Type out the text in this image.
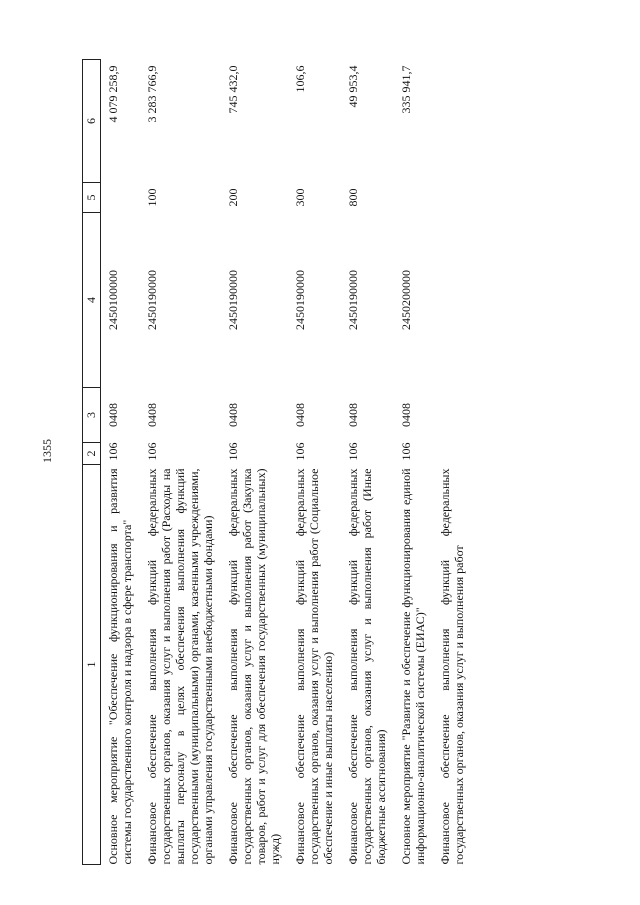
1355
1	2	3	4	5	6
Основное мероприятие "Обеспечение функционирования и развития системы государственного контроля и надзора в сфере транспорта"	106	0408	2450100000		4 079 258,9
Финансовое обеспечение выполнения функций федеральных государственных органов, оказания услуг и выполнения работ (Расходы на выплаты персоналу в целях обеспечения выполнения функций государственными (муниципальными) органами, казенными учреждениями, органами управления государственными внебюджетными фондами)	106	0408	2450190000	100	3 283 766,9
Финансовое обеспечение выполнения функций федеральных государственных органов, оказания услуг и выполнения работ (Закупка товаров, работ и услуг для обеспечения государственных (муниципальных) нужд)	106	0408	2450190000	200	745 432,0
Финансовое обеспечение выполнения функций федеральных государственных органов, оказания услуг и выполнения работ (Социальное обеспечение и иные выплаты населению)	106	0408	2450190000	300	106,6
Финансовое обеспечение выполнения функций федеральных государственных органов, оказания услуг и выполнения работ (Иные бюджетные ассигнования)	106	0408	2450190000	800	49 953,4
Основное мероприятие "Развитие и обеспечение функционирования единой информационно-аналитической системы (ЕИАС)"	106	0408	2450200000		335 941,7
Финансовое обеспечение выполнения функций федеральных государственных органов, оказания услуг и выполнения работ					
